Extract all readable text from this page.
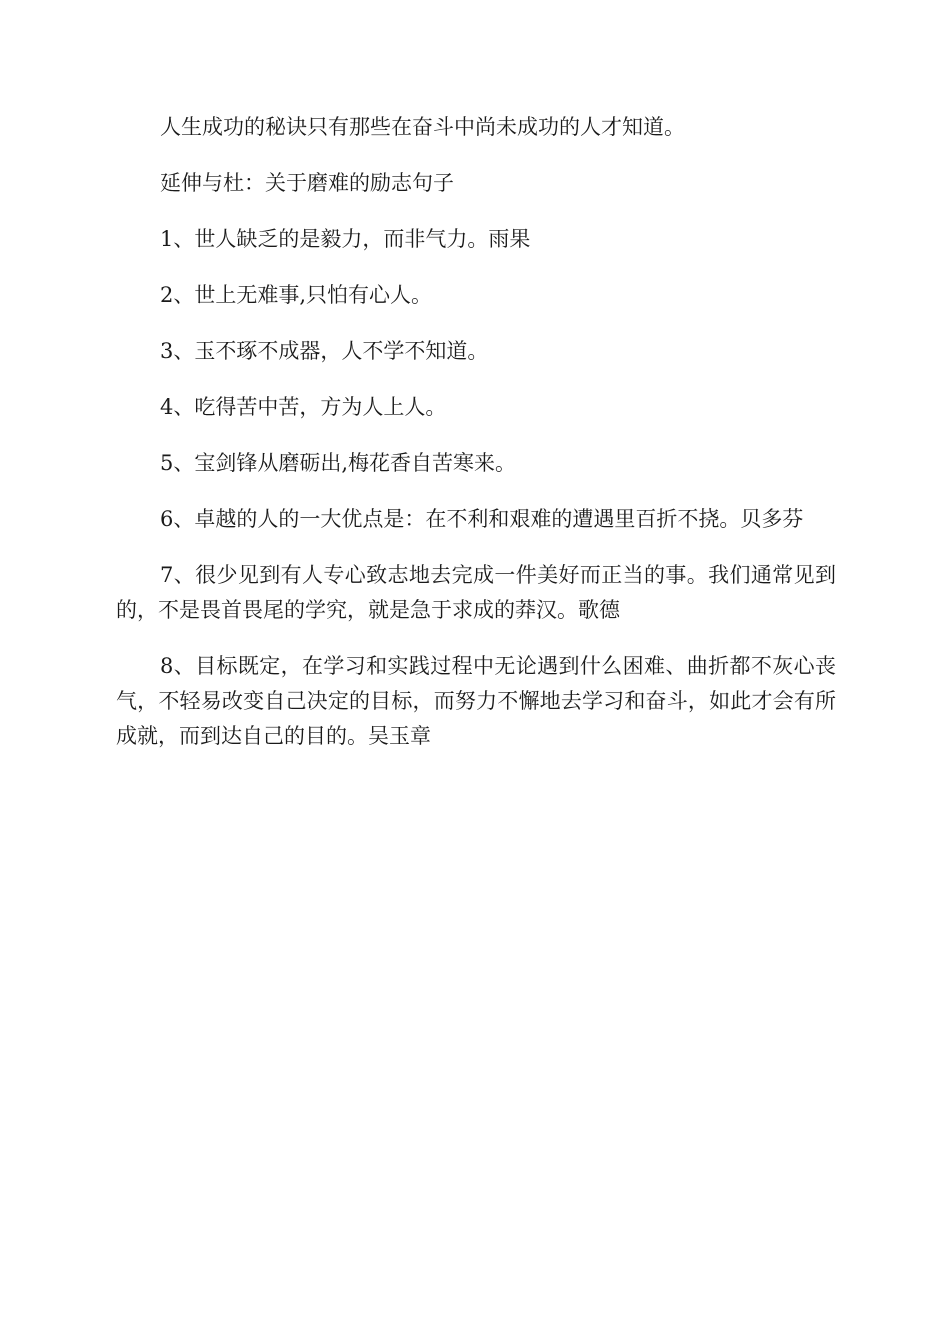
人生成功的秘诀只有那些在奋斗中尚未成功的人才知道。

延伸与杜：关于磨难的励志句子

1、世人缺乏的是毅力，而非气力。雨果

2、世上无难事,只怕有心人。

3、玉不琢不成器，人不学不知道。

4、吃得苦中苦，方为人上人。

5、宝剑锋从磨砺出,梅花香自苦寒来。

6、卓越的人的一大优点是：在不利和艰难的遭遇里百折不挠。贝多芬

7、很少见到有人专心致志地去完成一件美好而正当的事。我们通常见到的，不是畏首畏尾的学究，就是急于求成的莽汉。歌德

8、目标既定，在学习和实践过程中无论遇到什么困难、曲折都不灰心丧气，不轻易改变自己决定的目标，而努力不懈地去学习和奋斗，如此才会有所成就，而到达自己的目的。吴玉章
